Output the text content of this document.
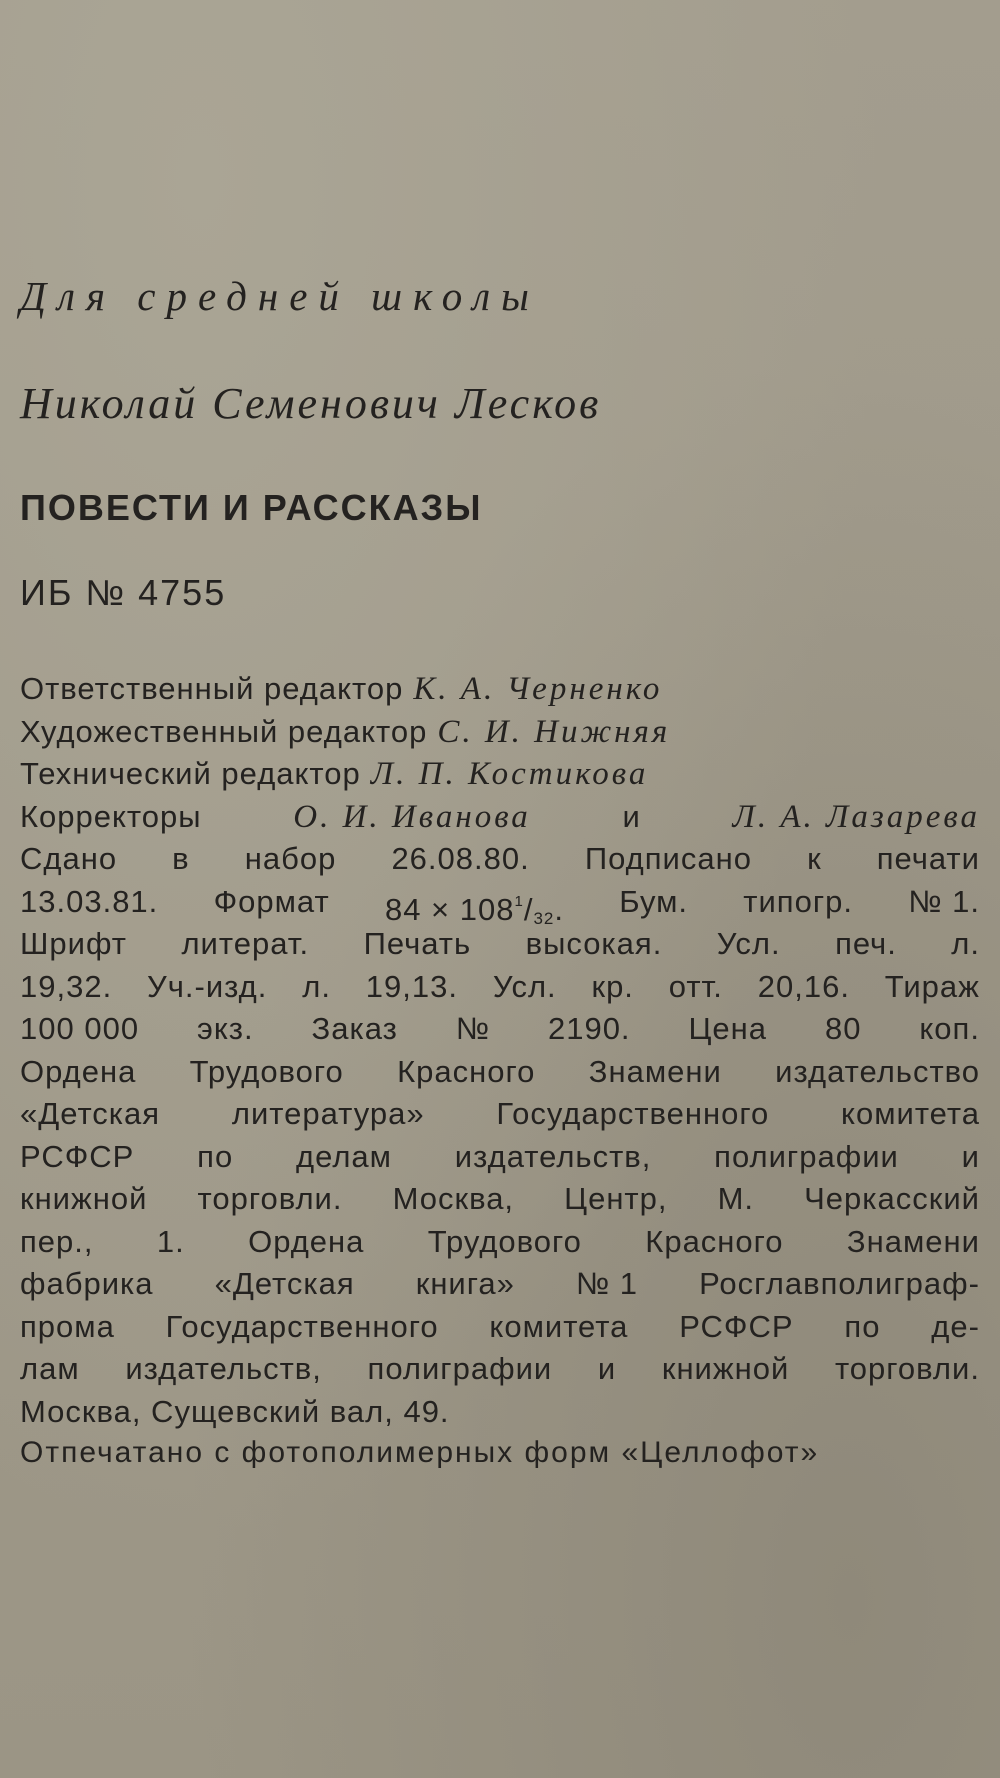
Для средней школы
Николай Семенович Лесков
ПОВЕСТИ И РАССКАЗЫ
ИБ № 4755
Ответственный редактор К. А. Черненко
Художественный редактор С. И. Нижняя
Технический редактор Л. П. Костикова
Корректоры	О. И. Иванова	и	Л. А. Лазарева
Сдано в набор 26.08.80. Подписано к печати
13.03.81. Формат 84 × 1081/32. Бум. типогр. № 1.
Шрифт литерат. Печать высокая. Усл. печ. л.
19,32. Уч.-изд. л. 19,13. Усл. кр. отт. 20,16. Тираж
100 000 экз. Заказ № 2190. Цена 80 коп.
Ордена Трудового Красного Знамени издательство
«Детская литература» Государственного комитета
РСФСР по делам издательств, полиграфии и
книжной торговли. Москва, Центр, М. Черкасский
пер., 1. Ордена Трудового Красного Знамени
фабрика «Детская книга» № 1 Росглавполиграф-
прома Государственного комитета РСФСР по де-
лам издательств, полиграфии и книжной торговли.
Москва, Сущевский вал, 49.
Отпечатано с фотополимерных форм «Целлофот»
